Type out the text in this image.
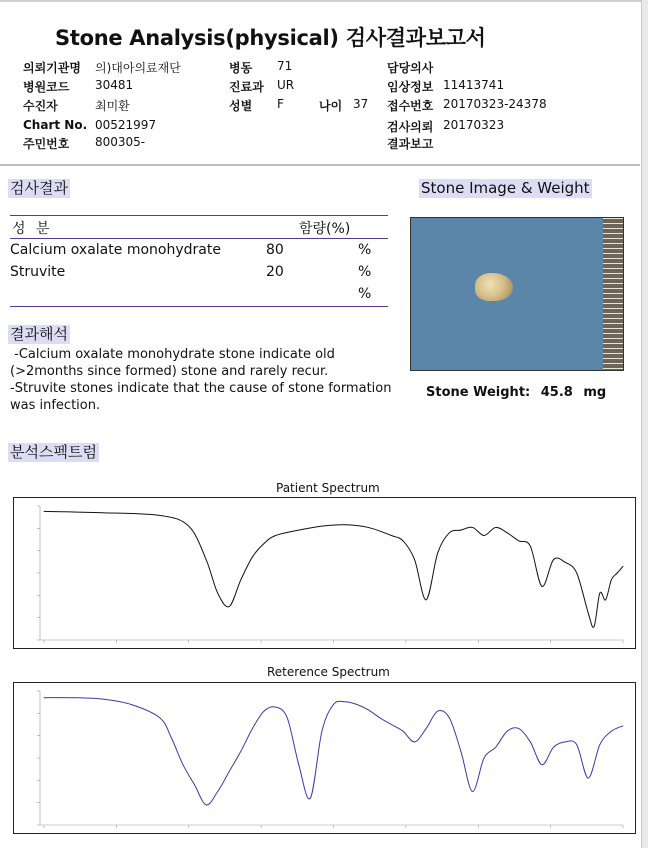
Stone Analysis(physical) 검사결과보고서
의뢰기관명 의)대아의료재단
병원코드 30481
수진자	최미환
Chart No. 00521997
주민번호 800305-
병동 71
진료과 UR
성별 F	나이 37
담당의사
임상정보 11413741
접수번호 20170323-24378
검사의뢰 20170323
결과보고
검사결과
성 분	함량(%)
Calcium oxalate monohydrate	80	%
Struvite	20	%
%
결과해석
-Calcium oxalate monohydrate stone indicate old
(>2months since formed) stone and rarely recur.
-Struvite stones indicate that the cause of stone formation
was infection.
Stone Image & Weight
Stone Weight: 45.8 mg
분석스펙트럼
Patient Spectrum
Reterence Spectrum
